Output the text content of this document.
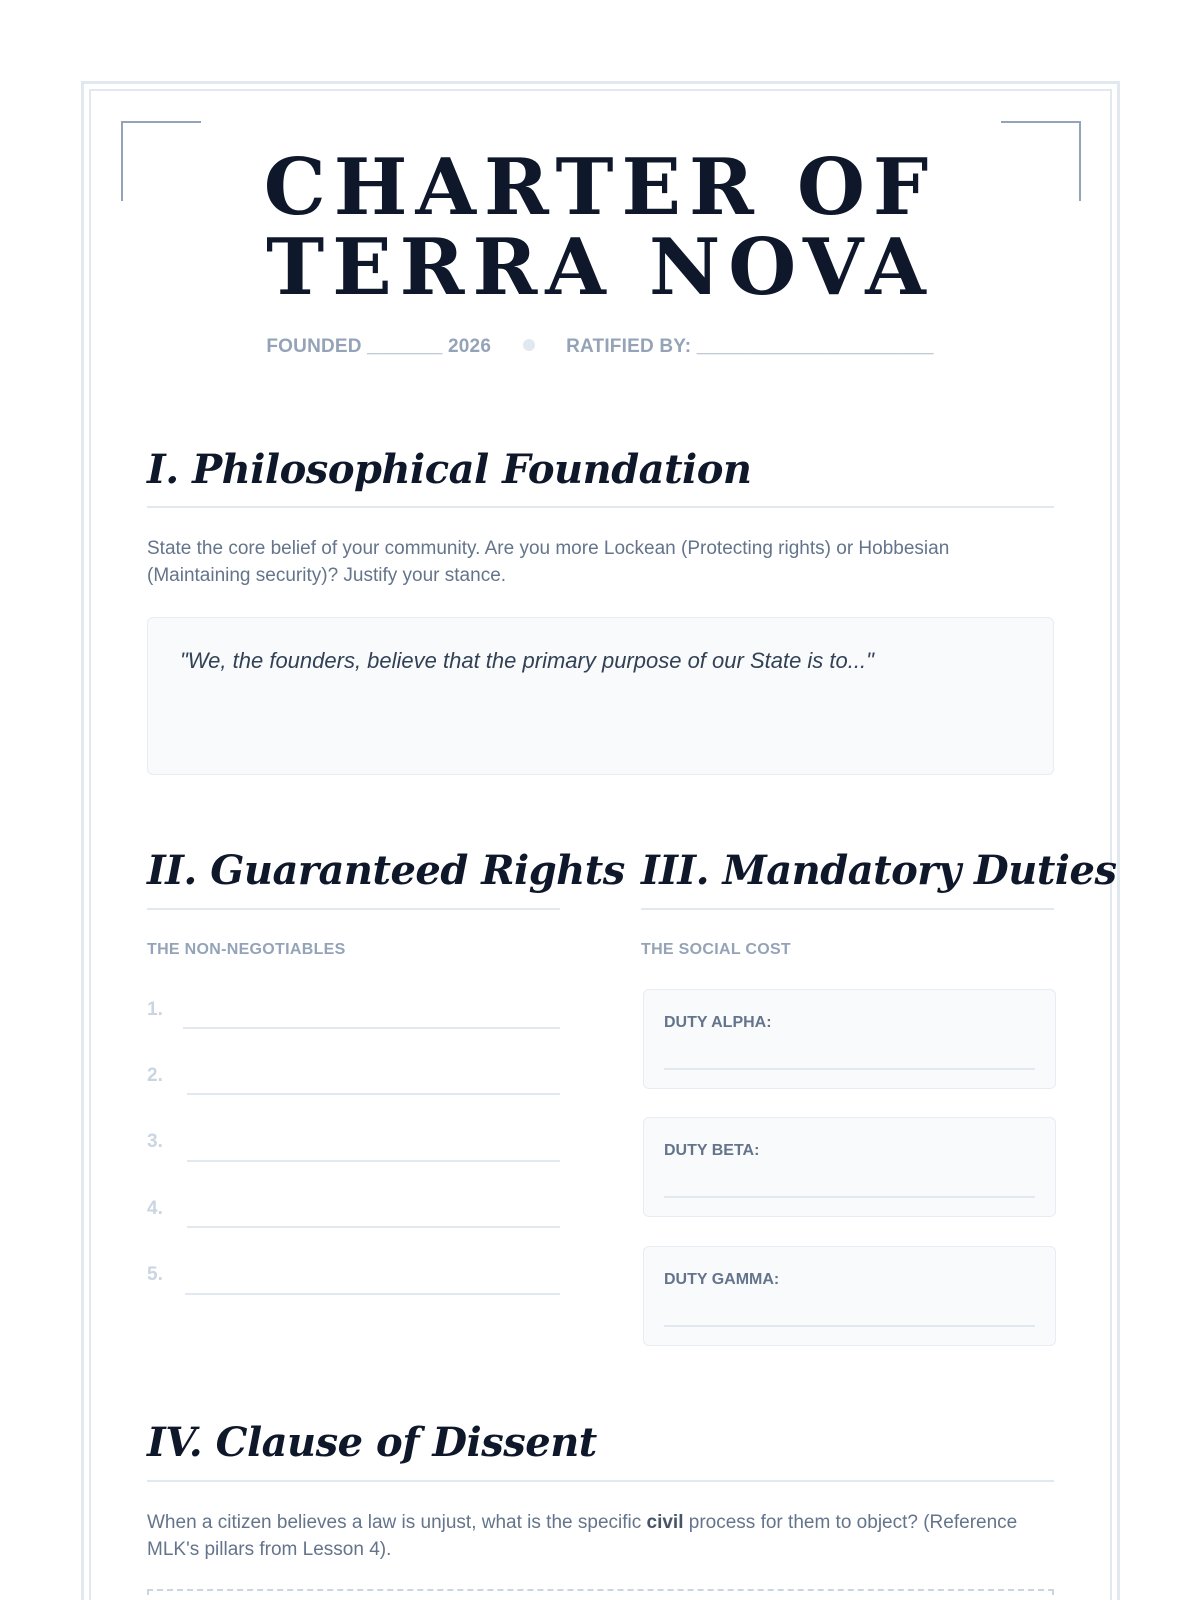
CHARTER OF
TERRA NOVA
FOUNDED _______ 2026	RATIFIED BY: ______________________
I. Philosophical Foundation
State the core belief of your community. Are you more Lockean (Protecting rights) or Hobbesian (Maintaining security)? Justify your stance.
"We, the founders, believe that the primary purpose of our State is to..."
II. Guaranteed Rights
THE NON-NEGOTIABLES
1.
2.
3.
4.
5.
III. Mandatory Duties
THE SOCIAL COST
DUTY ALPHA:
DUTY BETA:
DUTY GAMMA:
IV. Clause of Dissent
When a citizen believes a law is unjust, what is the specific civil process for them to object? (Reference MLK's pillars from Lesson 4).
